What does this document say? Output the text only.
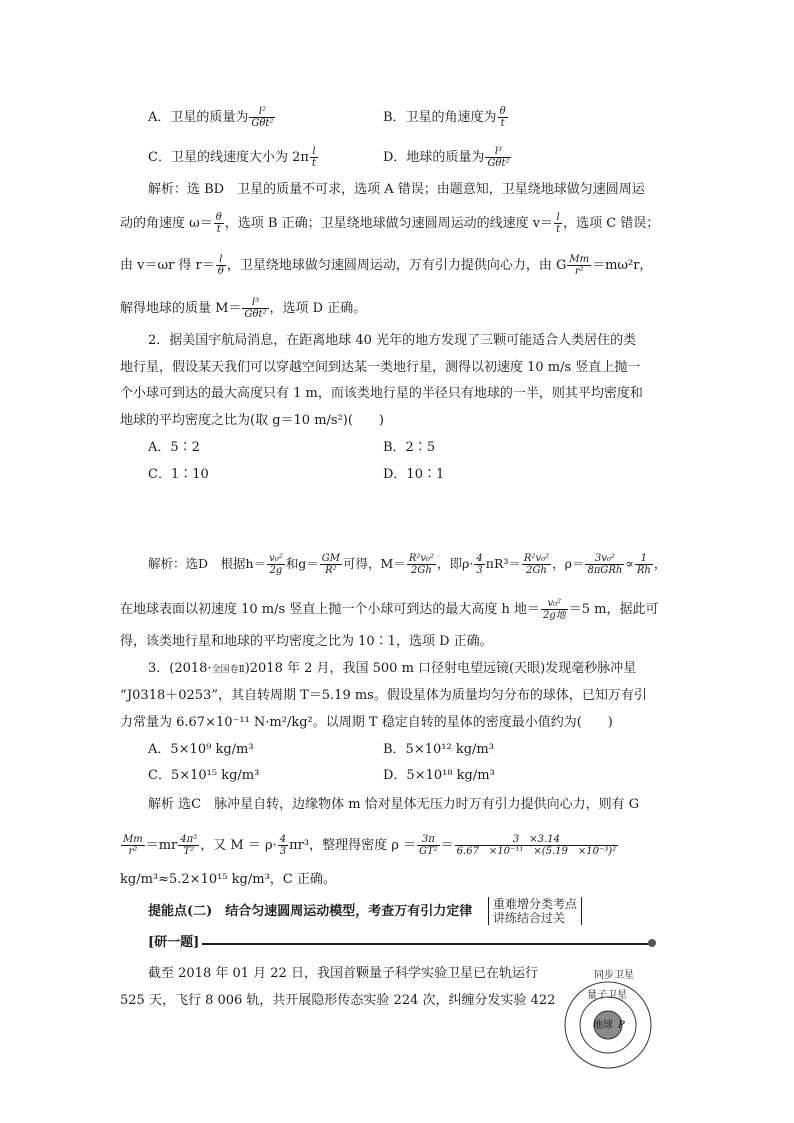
A．卫星的质量为 $\frac{\text{l²}}{\text{Gθt²}}$	B．卫星的角速度为 $\frac{\theta}{t}$
C．卫星的线速度大小为 $2\pi \frac{l}{t}$	D．地球的质量为 $\frac{\text{l³}}{\text{Gθt²}}$
解析：选 BD　卫星的质量不可求，选项 A 错误；由题意知，卫星绕地球做匀速圆周运
动的角速度 $\omega= \frac{\theta}{t}$ ，选项 B 正确；卫星绕地球做匀速圆周运动的线速度 $v= \frac{l}{t}$ ，选项 C 错误；
由 v＝ωr 得 $r= \frac{l}{\theta}$ ，卫星绕地球做匀速圆周运动，万有引力提供向心力，由 G $\frac{Mm}{\text{r²}} =m\omega^2r$，
解得地球的质量 $M= \frac{\text{l³}}{\text{Gθt²}}$ ，选项 D 正确。
2．据美国宇航局消息，在距离地球 40 光年的地方发现了三颗可能适合人类居住的类
地行星，假设某天我们可以穿越空间到达某一类地行星，测得以初速度 10 m/s 竖直上抛一
个小球可到达的最大高度只有 1 m，而该类地行星的半径只有地球的一半，则其平均密度和
地球的平均密度之比为(取 g＝10 m/s²)(　　)
A．5∶2	B．2∶5
C．1∶10	D．10∶1
解析：选D　根据$h= \frac{\text{v₀²}}{2g}$ 和$g= \frac{GM}{\text{R²}}$ 可得，$M= \frac{\text{R²v₀²}}{2Gh}$ ，即$\rho\cdot \frac{4}{3} \pi R^3= \frac{\text{R²v₀²}}{2Gh}$ ，$\rho= \frac{\text{3v₀²}}{\text{8πGRh}} \propto \frac{1}{Rh}$ ，
在地球表面以初速度 10 m/s 竖直上抛一个小球可到达的最大高度 h 地＝ $\frac{\text{v₀²}}{\text{2g地}} =5$ m，据此可
得，该类地行星和地球的平均密度之比为 10∶1，选项 D 正确。
3．(2018·全国卷Ⅱ)2018 年 2 月，我国 500 m 口径射电望远镜(天眼)发现毫秒脉冲星
“J0318＋0253”，其自转周期 T＝5.19 ms。假设星体为质量均匀分布的球体，已知万有引
力常量为 6.67×10⁻¹¹ N·m²/kg²。以周期 T 稳定自转的星体的密度最小值约为(　　)
A．5×10⁹ kg/m³	B．5×10¹² kg/m³
C．5×10¹⁵ kg/m³	D．5×10¹⁸ kg/m³
解析 选C　脉冲星自转，边缘物体 m 恰对星体无压力时万有引力提供向心力，则有 G
$\frac{Mm}{\text{r²}} =mr \frac{\text{4π²}}{\text{T²}}$ ，又 $M = \rho\cdot \frac{4}{3} \pi r^3$，整理得密度 $\rho = \frac{3\pi}{\text{GT²}} = \frac{3 \times 3.14}{\text{6.67　×10⁻¹¹　×(5.19　×10⁻³)²}}$
kg/m³≈5.2×10¹⁵ kg/m³，C 正确。
提能点(二)　结合匀速圆周运动模型，考查万有引力定律 重难增分类考点
讲练结合过关
[研一题]
截至 2018 年 01 月 22 日，我国首颗量子科学实验卫星已在轨运行
525 天，飞行 8 006 轨，共开展隐形传态实验 224 次，纠缠分发实验 422
同步卫星
量子卫星
地球 P
